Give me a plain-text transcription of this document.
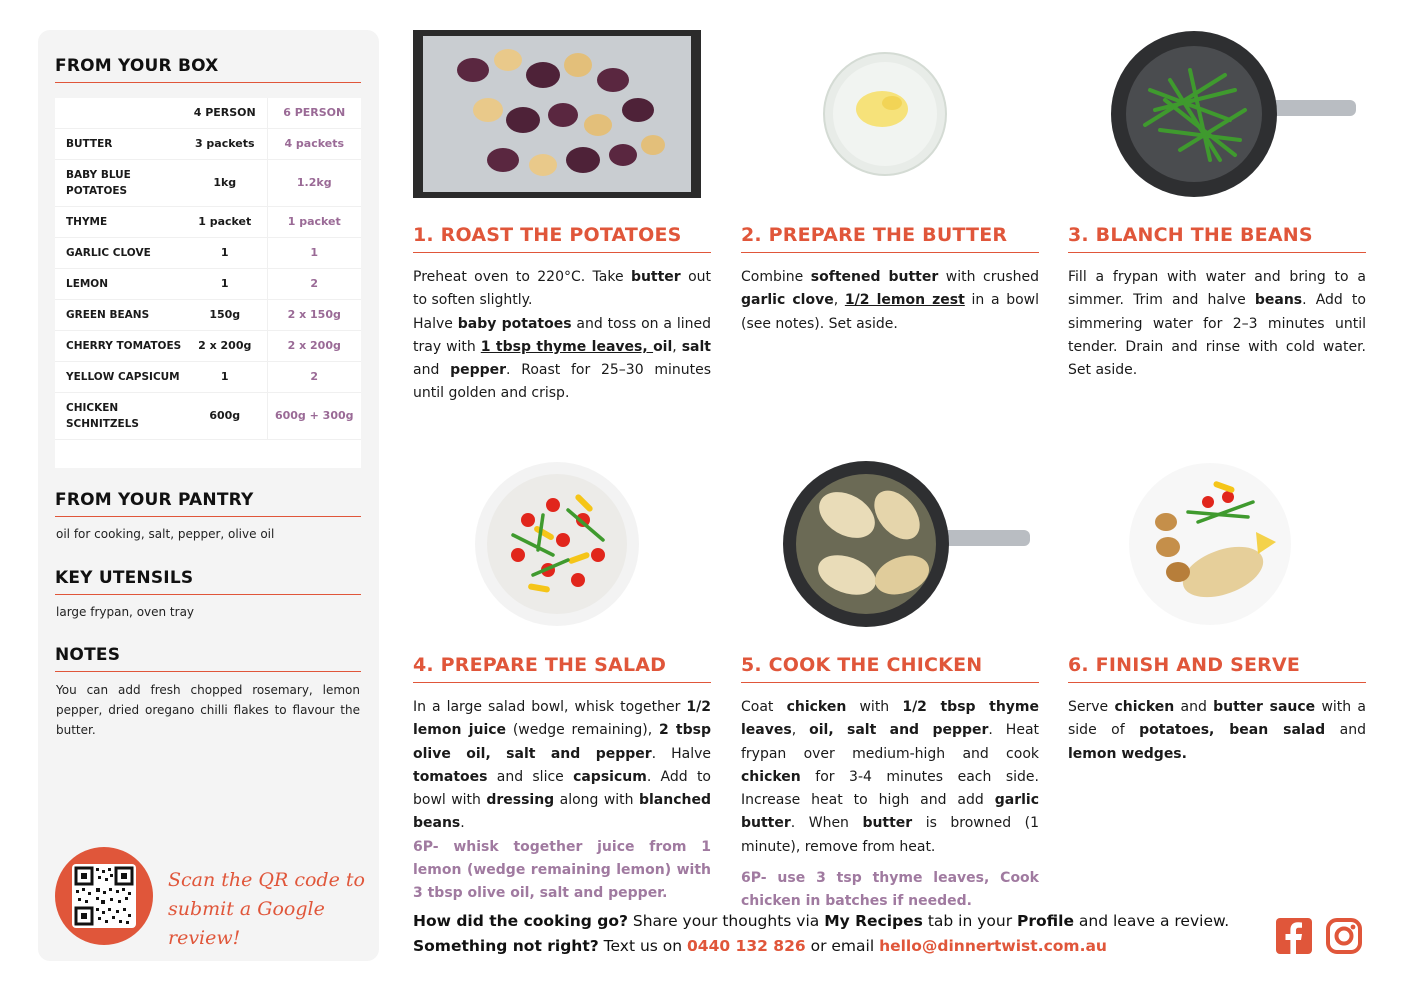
FROM YOUR BOX
	4 PERSON	6 PERSON
BUTTER	3 packets	4 packets
BABY BLUE POTATOES	1kg	1.2kg
THYME	1 packet	1 packet
GARLIC CLOVE	1	1
LEMON	1	2
GREEN BEANS	150g	2 x 150g
CHERRY TOMATOES	2 x 200g	2 x 200g
YELLOW CAPSICUM	1	2
CHICKEN SCHNITZELS	600g	600g + 300g
FROM YOUR PANTRY
oil for cooking, salt, pepper, olive oil
KEY UTENSILS
large frypan, oven tray
NOTES
You can add fresh chopped rosemary, lemon pepper, dried oregano chilli flakes to flavour the butter.
Scan the QR code to
submit a Google review!
1. ROAST THE POTATOES
Preheat oven to 220°C. Take butter out to soften slightly.
Halve baby potatoes and toss on a lined tray with 1 tbsp thyme leaves, oil, salt and pepper. Roast for 25–30 minutes until golden and crisp.
2. PREPARE THE BUTTER
Combine softened butter with crushed garlic clove, 1/2 lemon zest in a bowl (see notes). Set aside.
3. BLANCH THE BEANS
Fill a frypan with water and bring to a simmer. Trim and halve beans. Add to simmering water for 2–3 minutes until tender. Drain and rinse with cold water. Set aside.
4. PREPARE THE SALAD
In a large salad bowl, whisk together 1/2 lemon juice (wedge remaining), 2 tbsp olive oil, salt and pepper. Halve tomatoes and slice capsicum. Add to bowl with dressing along with blanched beans.
6P- whisk together juice from 1 lemon (wedge remaining lemon) with 3 tbsp olive oil, salt and pepper.
5. COOK THE CHICKEN
Coat chicken with 1/2 tbsp thyme leaves, oil, salt and pepper. Heat frypan over medium-high and cook chicken for 3-4 minutes each side. Increase heat to high and add garlic butter. When butter is browned (1 minute), remove from heat.
6P- use 3 tsp thyme leaves, Cook chicken in batches if needed.
6. FINISH AND SERVE
Serve chicken and butter sauce with a side of potatoes, bean salad and lemon wedges.
How did the cooking go? Share your thoughts via My Recipes tab in your Profile and leave a review.
Something not right? Text us on 0440 132 826 or email hello@dinnertwist.com.au
